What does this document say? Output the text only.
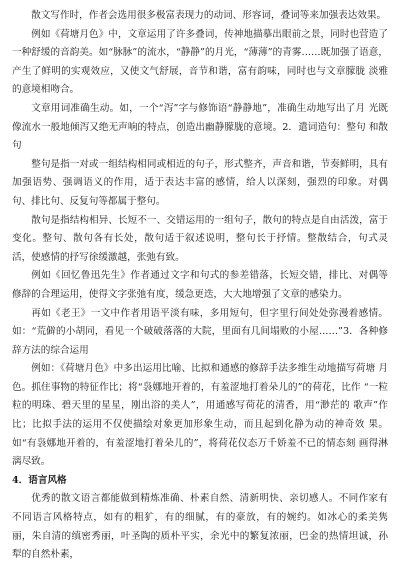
散文写作时，作者会选用很多极富表现力的动词、形容词，叠词等来加强表达效果。

例如《荷塘月色》中，文章运用了许多叠词，传神地描摹出眼前之景，同时也营造了一种舒缓的音韵美。如“脉脉”的流水，“静静”的月光，“薄薄”的青雾……既加强了语意，产生了鲜明的实观效应，又使文气舒展，音节和谐，富有韵味，同时也与文章朦胧 淡雅的意境相吻合。

文章用词准确生动。如，一个“泻”字与修饰语“静静地”，准确生动地写出了月 光既像流水一般地倾泻又绝无声响的特点，创造出幽静朦胧的意境。2．遣词造句：整句 和散句

整句是指一对或一组结构相同或相近的句子，形式整齐，声音和谐，节奏鲜明，具有加强语势、强调语义的作用，适于表达丰富的感情，给人以深刻，强烈的印象。对偶 句、排比句、反复句等都属于整句。

散句是指结构相异、长短不一、交错运用的一组句子，散句的特点是自由活泼，富于变化。整句、散句各有长处，散句适于叙述说明，整句长于抒情。整散结合，句式灵 活，使感情的抒写徐缓激越，张弛有致。

例如《回忆鲁迅先生》作者通过文字和句式的参差错落，长短交错，排比、对偶等 修辞的合理运用，使得文字张弛有度，缓急更迭，大大地增强了文章的感染力。

再如《老王》一文中作者用语平淡有味，多用短句，但字里行间处处弥漫着感情。如：“荒僻的小胡同，看见一个破破落落的大院，里面有几间塌败的小屋……”3．各种修 辞方法的综合运用

例如：《荷塘月色》中多出运用比喻、比拟和通感的修辞手法多维生动地描写荷塘 月色。抓住事物的特征作比；将“袅娜地开着的，有羞涩地打着朵儿的”的荷花，比作 “一粒粒的明珠、碧天里的星星，刚出浴的美人”，用通感写荷花的清香，用“渺茫的 歌声”作比；比拟手法的运用不仅使描绘对象更加形象生动，而且起到化静为动的神奇效 果。如“有袅娜地开着的，有羞涩地打着朵儿的”，将荷花仪态万千娇羞不已的情态刻 画得淋漓尽致。

4．语言风格

优秀的散文语言都能做到精炼准确、朴素自然、清新明快、亲切感人。不同作家有 不同语言风格特点，如有的粗犷，有的细腻，有的豪放，有的婉约。如冰心的柔美隽 丽，朱自清的缜密秀丽，叶圣陶的质朴平实，余光中的繁复浓丽，巴金的热情坦诚，孙 犁的自然朴素，
